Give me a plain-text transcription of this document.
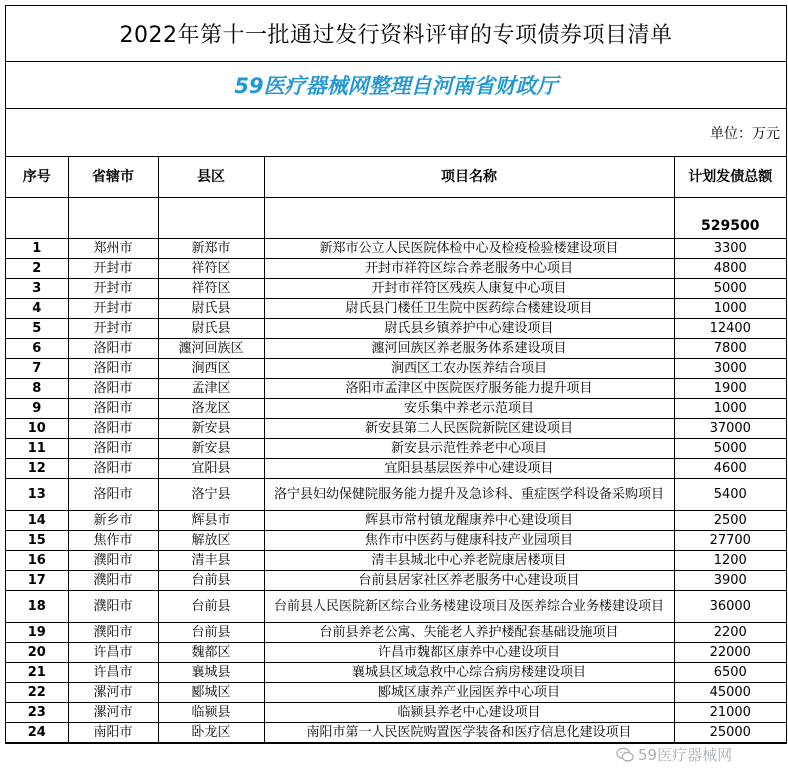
2022年第十一批通过发行资料评审的专项债券项目清单
59医疗器械网整理自河南省财政厅
单位：万元
序号	省辖市	县区	项目名称	计划发债总额
				529500
1	郑州市	新郑市	新郑市公立人民医院体检中心及检疫检验楼建设项目	3300
2	开封市	祥符区	开封市祥符区综合养老服务中心项目	4800
3	开封市	祥符区	开封市祥符区残疾人康复中心项目	5000
4	开封市	尉氏县	尉氏县门楼任卫生院中医药综合楼建设项目	1000
5	开封市	尉氏县	尉氏县乡镇养护中心建设项目	12400
6	洛阳市	瀍河回族区	瀍河回族区养老服务体系建设项目	7800
7	洛阳市	涧西区	涧西区工农办医养结合项目	3000
8	洛阳市	孟津区	洛阳市孟津区中医院医疗服务能力提升项目	1900
9	洛阳市	洛龙区	安乐集中养老示范项目	1000
10	洛阳市	新安县	新安县第二人民医院新院区建设项目	37000
11	洛阳市	新安县	新安县示范性养老中心项目	5000
12	洛阳市	宜阳县	宜阳县基层医养中心建设项目	4600
13	洛阳市	洛宁县	洛宁县妇幼保健院服务能力提升及急诊科、重症医学科设备采购项目	5400
14	新乡市	辉县市	辉县市常村镇龙醒康养中心建设项目	2500
15	焦作市	解放区	焦作市中医药与健康科技产业园项目	27700
16	濮阳市	清丰县	清丰县城北中心养老院康居楼项目	1200
17	濮阳市	台前县	台前县居家社区养老服务中心建设项目	3900
18	濮阳市	台前县	台前县人民医院新区综合业务楼建设项目及医养综合业务楼建设项目	36000
19	濮阳市	台前县	台前县养老公寓、失能老人养护楼配套基础设施项目	2200
20	许昌市	魏都区	许昌市魏都区康养中心建设项目	22000
21	许昌市	襄城县	襄城县区域急救中心综合病房楼建设项目	6500
22	漯河市	郾城区	郾城区康养产业园医养中心项目	45000
23	漯河市	临颍县	临颍县养老中心建设项目	21000
24	南阳市	卧龙区	南阳市第一人民医院购置医学装备和医疗信息化建设项目	25000
59医疗器械网
